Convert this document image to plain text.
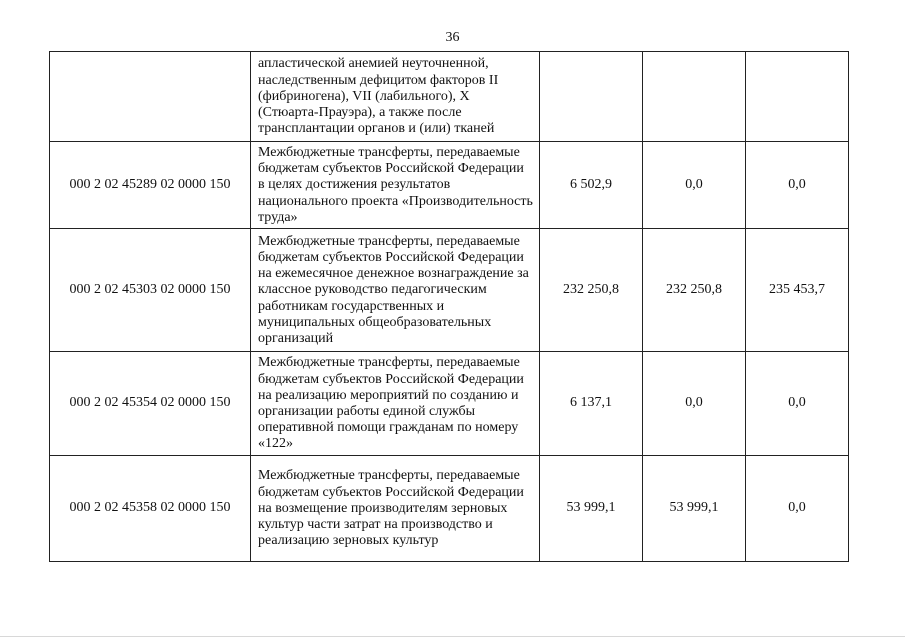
36
	апластической анемией неуточненной, наследственным дефицитом факторов II (фибриногена), VII (лабильного), X (Стюарта-Прауэра), а также после трансплантации органов и (или) тканей			
000 2 02 45289 02 0000 150	Межбюджетные трансферты, передаваемые бюджетам субъектов Российской Федерации в целях достижения результатов национального проекта «Производительность труда»	6 502,9	0,0	0,0
000 2 02 45303 02 0000 150	Межбюджетные трансферты, передаваемые бюджетам субъектов Российской Федерации на ежемесячное денежное вознаграждение за классное руководство педагогическим работникам государственных и муниципальных общеобразовательных организаций	232 250,8	232 250,8	235 453,7
000 2 02 45354 02 0000 150	Межбюджетные трансферты, передаваемые бюджетам субъектов Российской Федерации на реализацию мероприятий по созданию и организации работы единой службы оперативной помощи гражданам по номеру «122»	6 137,1	0,0	0,0
000 2 02 45358 02 0000 150	Межбюджетные трансферты, передаваемые бюджетам субъектов Российской Федерации на возмещение производителям зерновых культур части затрат на производство и реализацию зерновых культур	53 999,1	53 999,1	0,0
